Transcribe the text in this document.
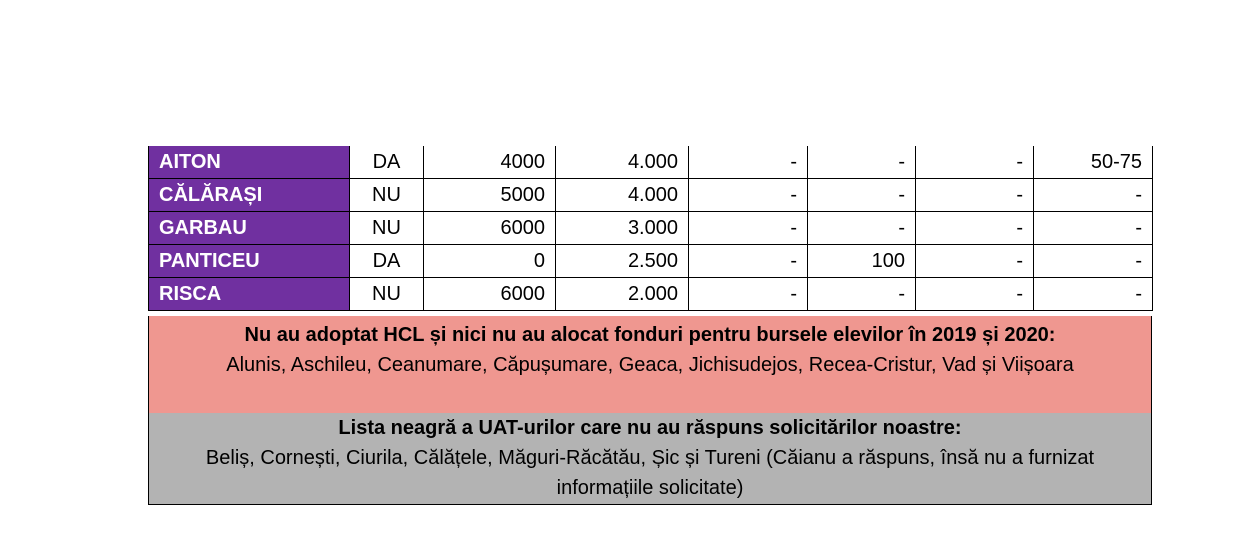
AITON	DA	4000	4.000	-	-	-	50-75
CĂLĂRAȘI	NU	5000	4.000	-	-	-	-
GARBAU	NU	6000	3.000	-	-	-	-
PANTICEU	DA	0	2.500	-	100	-	-
RISCA	NU	6000	2.000	-	-	-	-
Nu au adoptat HCL și nici nu au alocat fonduri pentru bursele elevilor în 2019 și 2020:
Alunis, Aschileu, Ceanumare, Căpușumare, Geaca, Jichisudejos, Recea-Cristur, Vad și Viișoara
Lista neagră a UAT-urilor care nu au răspuns solicitărilor noastre:
Beliș, Cornești, Ciurila, Călățele, Măguri-Răcătău, Șic și Tureni (Căianu a răspuns, însă nu a furnizat informațiile solicitate)
